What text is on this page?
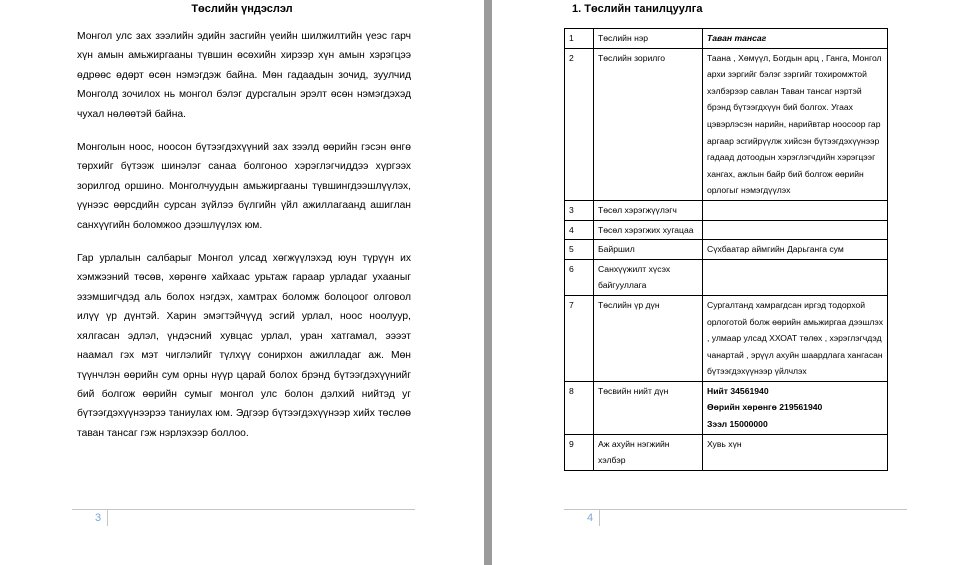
Төслийн үндэслэл

Монгол улс зах зээлийн эдийн засгийн үеийн шилжилтийн үеэс гарч хүн амын амьжиргааны түвшин өсөхийн хирээр хүн амын хэрэгцээ өдрөөс өдөрт өсөн нэмэгдэж байна. Мөн гадаадын зочид, зуулчид Монголд зочилох нь монгол бэлэг дурсгалын эрэлт өсөн нэмэгдэхэд чухал нөлөөтэй байна.

Монголын ноос, ноосон бүтээгдэхүүний зах зээлд өөрийн гэсэн өнгө төрхийг бүтээж шинэлэг санаа болгоноо хэрэглэгчиддээ хүргээх зорилгод оршино. Монголчуудын амьжиргааны түвшингдээшлүүлэх, үүнээс өөрсдийн сурсан зүйлээ бүлгийн үйл ажиллагаанд ашиглан санхүүгийн боломжоо дээшлүүлэх юм.

Гар урлалын салбарыг Монгол улсад хөгжүүлэхэд юун түрүүн их хэмжээний төсөв, хөрөнгө хайхаас урьтаж гараар урладаг ухааныг эзэмшигчдэд аль болох нэгдэх, хамтрах боломж болоцоог олговол илүү үр дүнтэй. Харин эмэгтэйчүүд эсгий урлал, ноос ноолуур, хялгасан эдлэл, үндэсний хувцас урлал, уран хатгамал, ээээт наамал гэх мэт чиглэлийг түлхүү сонирхон ажилладаг аж. Мөн түүнчлэн өөрийн сум орны нүүр царай болох брэнд бүтээгдэхүүнийг бий болгож өөрийн сумыг монгол улс болон дэлхий нийтэд уг бүтээгдэхүүнээрээ таниулах юм. Эдгээр бүтээгдэхүүнээр хийх төслөө таван тансаг гэж нэрлэхээр боллоо.

3
1. Төслийн танилцуулга
1	Төслийн нэр	Таван тансаг
2	Төслийн зорилго	Таана , Хөмүүл, Богдын арц , Ганга, Монгол архи зэргийг бэлэг зэргийг тохиромжтой хэлбэрээр савлан Таван тансаг нэртэй брэнд бүтээгдхүүн бий болгох. Угаах цэвэрлэсэн нарийн, нарийвтар ноосоор гар аргаар эсгийрүүлж хийсэн бүтээгдэхүүнээр гадаад дотоодын хэрэглэгчдийн хэрэгцээг хангах, ажлын байр бий болгож өөрийн орлогыг нэмэгдүүлэх
3	Төсөл хэрэгжүүлэгч	
4	Төсөл хэрэгжих хугацаа	
5	Байршил	Сүхбаатар аймгийн Дарьганга сум
6	Санхүүжилт хүсэх байгууллага	
7	Төслийн үр дүн	Сургалтанд хамрагдсан иргэд тодорхой орлоготой болж өөрийн амьжиргаа дээшлэх , улмаар улсад ХХОАТ төлөх , хэрэглэгчдэд чанартай , эрүүл ахуйн шаардлага хангасан бүтээгдэхүүнээр үйлчлэх
8	Төсвийн нийт дүн	Нийт 34561940
Өөрийн хөрөнгө 219561940
Зээл 15000000

9	Аж ахуйн нэгжийн хэлбэр	Хувь хүн
4
